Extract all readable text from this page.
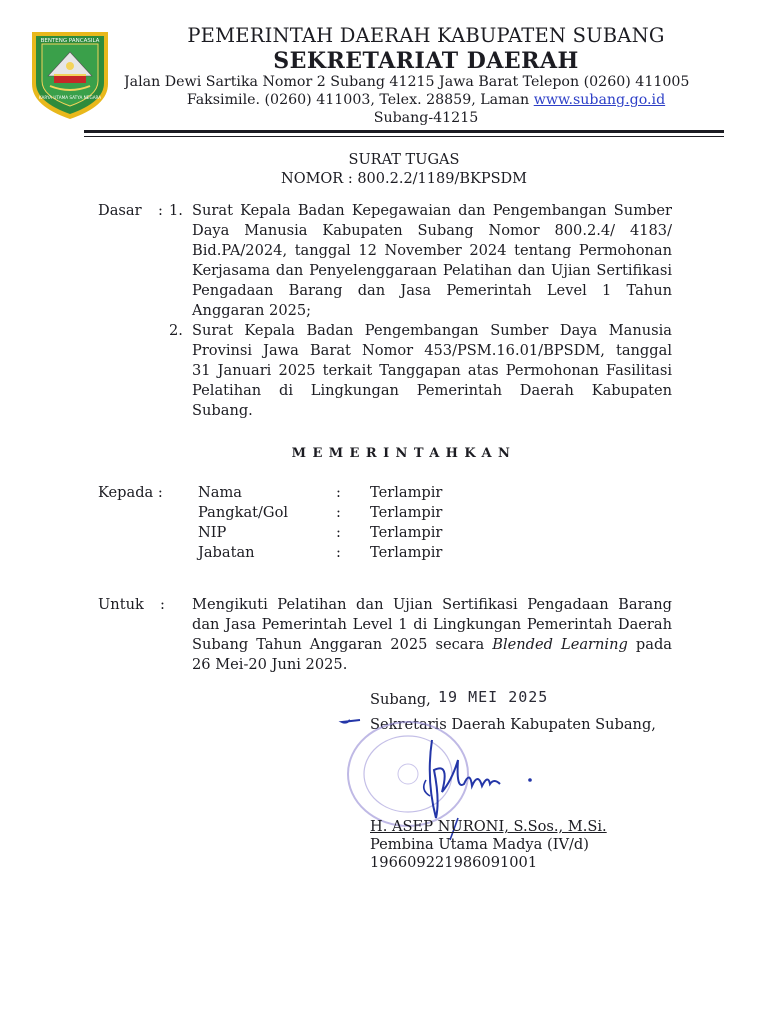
BENTENG PANCASILA
KARYA UTAMA SATYA NEGARA
PEMERINTAH DAERAH KABUPATEN SUBANG
SEKRETARIAT DAERAH
Jalan Dewi Sartika Nomor 2 Subang 41215 Jawa Barat Telepon (0260) 411005
Faksimile. (0260) 411003, Telex. 28859, Laman www.subang.go.id
Subang-41215
SURAT TUGAS
NOMOR : 800.2.2/1189/BKPSDM
Dasar : 1. Surat Kepala Badan Kepegawaian dan Pengembangan Sumber
Daya Manusia Kabupaten Subang Nomor 800.2.4/ 4183/
Bid.PA/2024, tanggal 12 November 2024 tentang Permohonan
Kerjasama dan Penyelenggaraan Pelatihan dan Ujian Sertifikasi
Pengadaan Barang dan Jasa Pemerintah Level 1 Tahun
Anggaran 2025;
2. Surat Kepala Badan Pengembangan Sumber Daya Manusia
Provinsi Jawa Barat Nomor 453/PSM.16.01/BPSDM, tanggal
31 Januari 2025 terkait Tanggapan atas Permohonan Fasilitasi
Pelatihan di Lingkungan Pemerintah Daerah Kabupaten
Subang.
MEMERINTAHKAN
Kepada : Nama	: Terlampir
Pangkat/Gol	: Terlampir
NIP	: Terlampir
Jabatan	: Terlampir
Untuk : Mengikuti Pelatihan dan Ujian Sertifikasi Pengadaan Barang
dan Jasa Pemerintah Level 1 di Lingkungan Pemerintah Daerah
Subang Tahun Anggaran 2025 secara Blended Learning pada
26 Mei-20 Juni 2025.
Subang, 19 MEI 2025
Sekretaris Daerah Kabupaten Subang,
H. ASEP NURONI, S.Sos., M.Si.
Pembina Utama Madya (IV/d)
196609221986091001
